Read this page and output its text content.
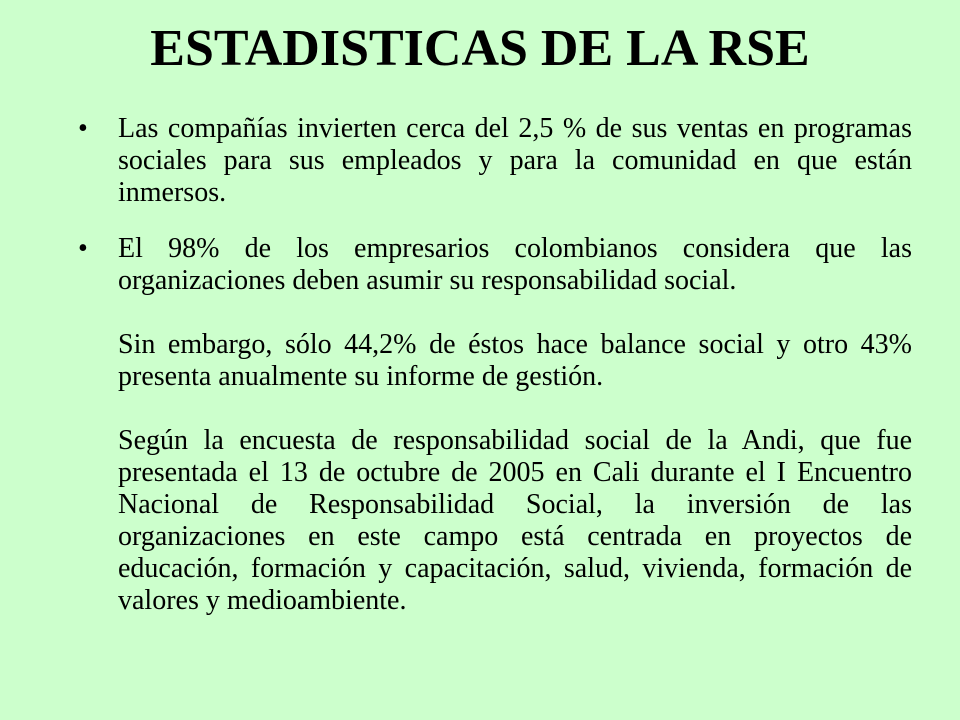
ESTADISTICAS DE LA RSE
•	Las compañías invierten cerca del 2,5 % de sus ventas en programas sociales para sus empleados y para la comunidad en que están inmersos.

•	El 98% de los empresarios colombianos considera que las organizaciones deben asumir su responsabilidad social.

Sin embargo, sólo 44,2% de éstos hace balance social y otro 43% presenta anualmente su informe de gestión.

Según la encuesta de responsabilidad social de la Andi, que fue presentada el 13 de octubre de 2005 en Cali durante el I Encuentro Nacional de Responsabilidad Social, la inversión de las organizaciones en este campo está centrada en proyectos de educación, formación y capacitación, salud, vivienda, formación de valores y medioambiente.
